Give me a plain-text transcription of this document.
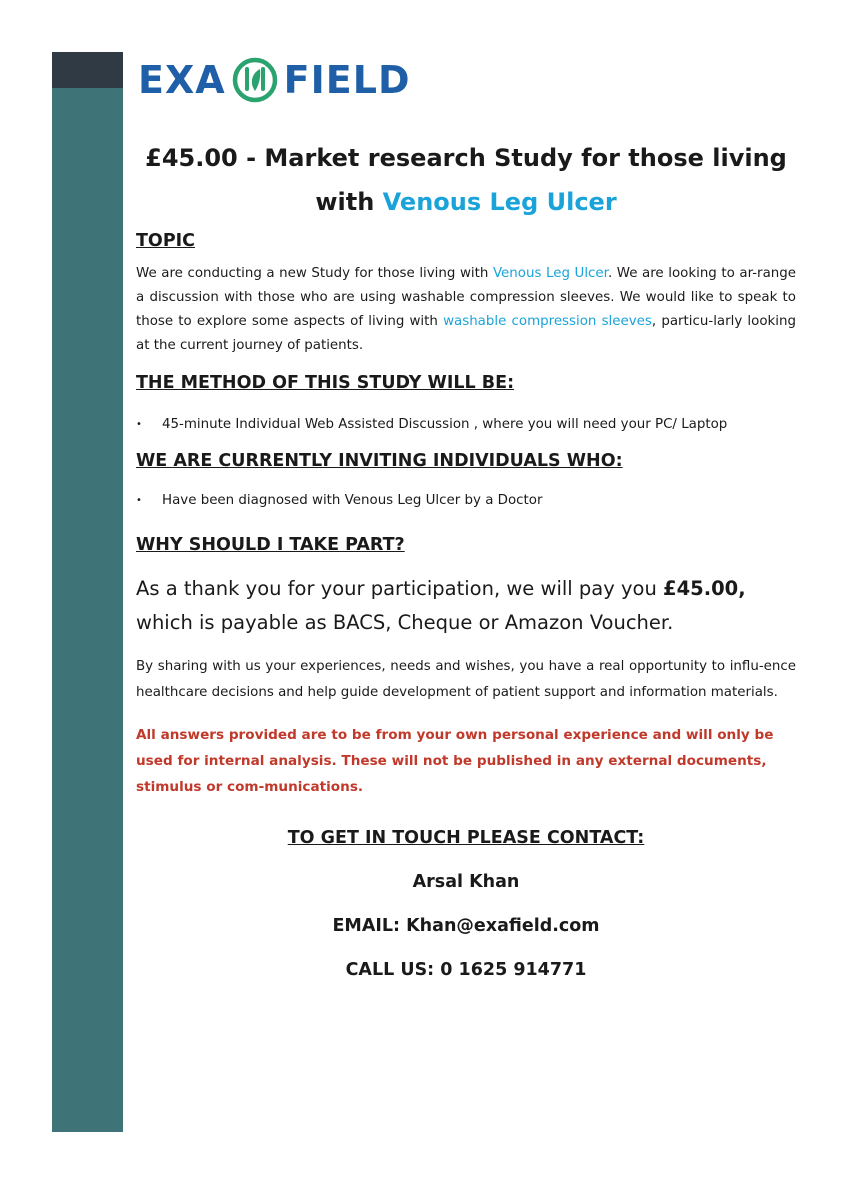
EXA FIELD
£45.00 - Market research Study for those living
with Venous Leg Ulcer
TOPIC

We are conducting a new Study for those living with Venous Leg Ulcer. We are looking to ar-range a discussion with those who are using washable compression sleeves. We would like to speak to those to explore some aspects of living with washable compression sleeves, particu-larly looking at the current journey of patients.

THE METHOD OF THIS STUDY WILL BE:
• 45-minute Individual Web Assisted Discussion , where you will need your PC/ Laptop
WE ARE CURRENTLY INVITING INDIVIDUALS WHO:
• Have been diagnosed with Venous Leg Ulcer by a Doctor
WHY SHOULD I TAKE PART?

As a thank you for your participation, we will pay you £45.00, which is payable as BACS, Cheque or Amazon Voucher.

By sharing with us your experiences, needs and wishes, you have a real opportunity to influ-ence healthcare decisions and help guide development of patient support and information materials.

All answers provided are to be from your own personal experience and will only be used for internal analysis. These will not be published in any external documents, stimulus or com-munications.

TO GET IN TOUCH PLEASE CONTACT:

Arsal Khan

EMAIL: Khan@exafield.com

CALL US: 0 1625 914771
